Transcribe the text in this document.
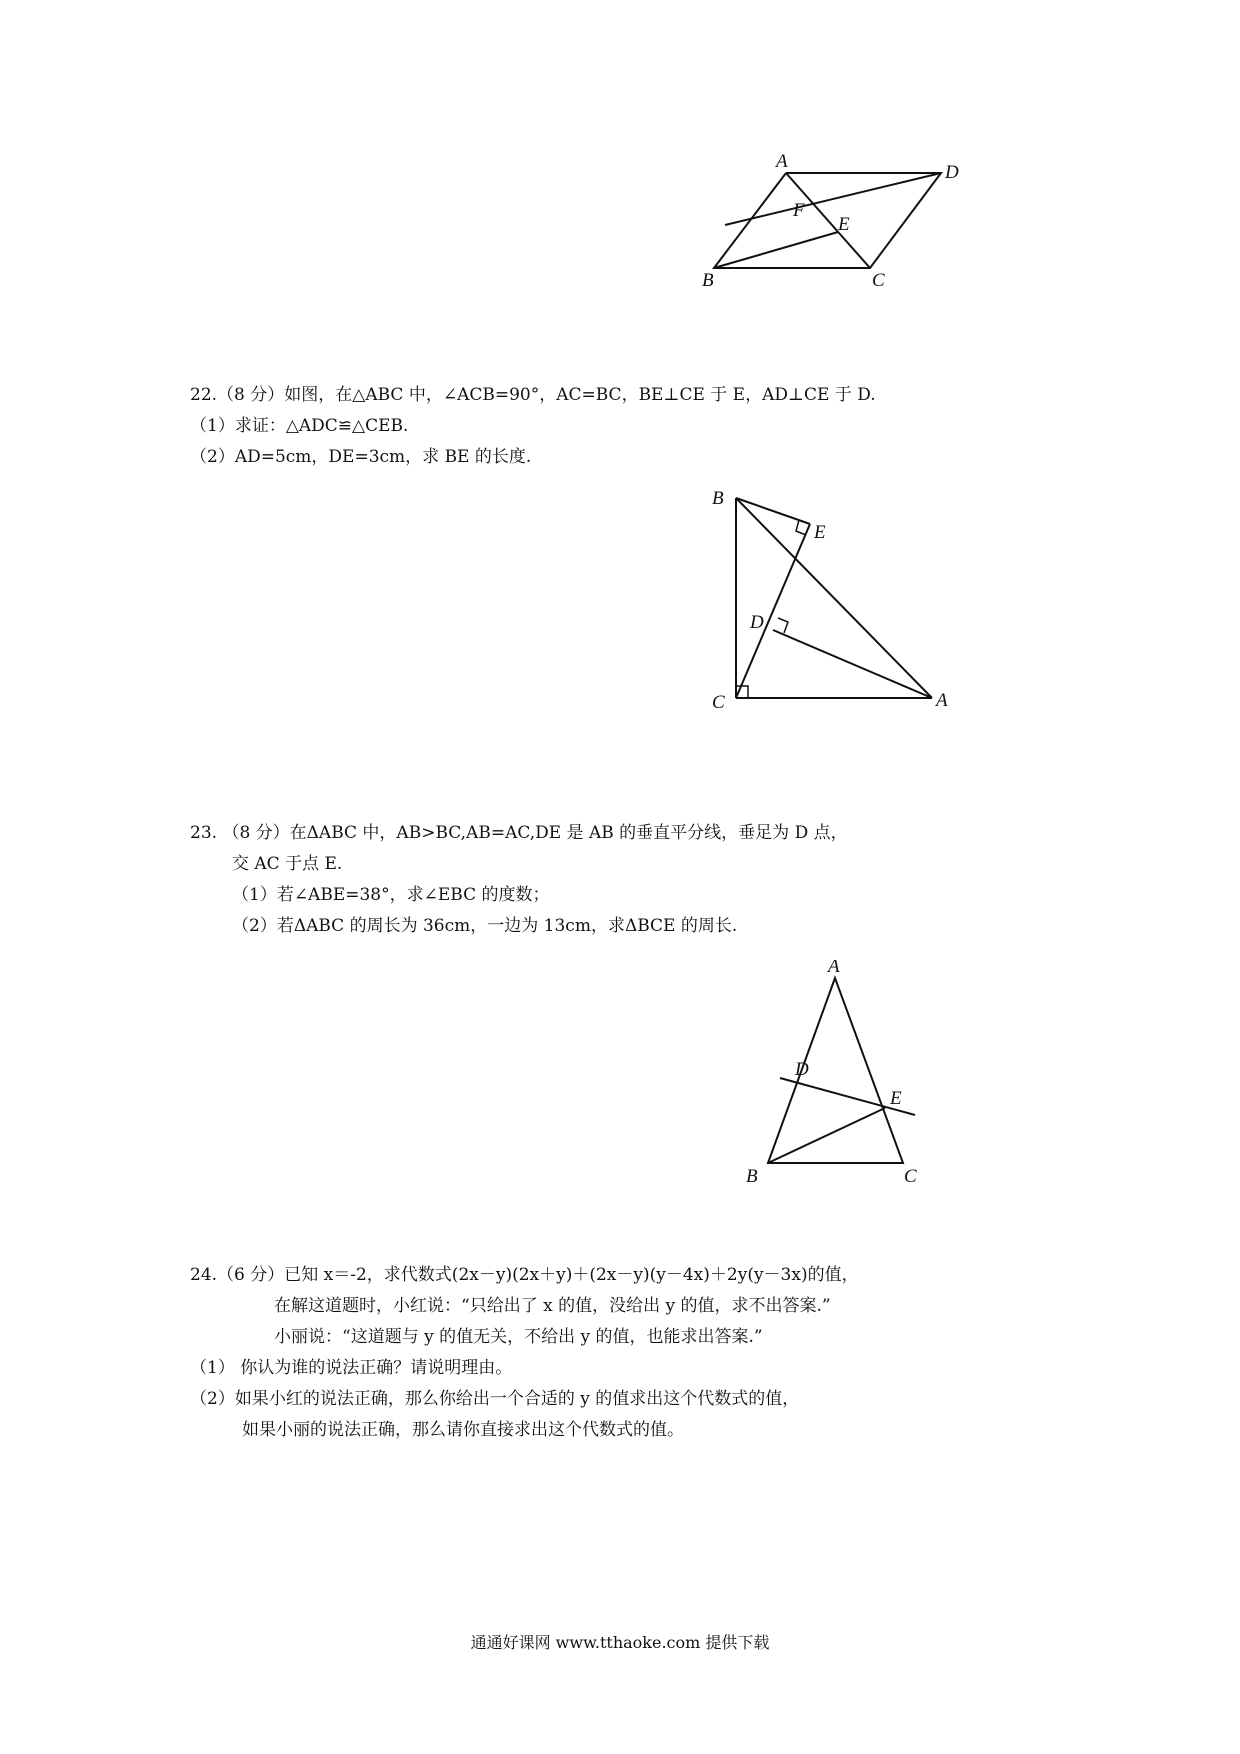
A
D
F
E
B	C
22.（8 分）如图，在△ABC 中，∠ACB=90°，AC=BC，BE⊥CE 于 E，AD⊥CE 于 D.
（1）求证：△ADC≌△CEB.
（2）AD=5cm，DE=3cm，求 BE 的长度.
B
E
D
C	A
23. （8 分）在ΔABC 中，AB>BC,AB=AC,DE 是 AB 的垂直平分线，垂足为 D 点，
交 AC 于点 E.
（1）若∠ABE=38°，求∠EBC 的度数；
（2）若ΔABC 的周长为 36cm，一边为 13cm，求ΔBCE 的周长.
A
D
E
B	C
24.（6 分）已知 x＝-2，求代数式(2x－y)(2x＋y)＋(2x－y)(y－4x)＋2y(y－3x)的值，
在解这道题时，小红说：“只给出了 x 的值，没给出 y 的值，求不出答案.”
小丽说：“这道题与 y 的值无关，不给出 y 的值，也能求出答案.”
（1） 你认为谁的说法正确？请说明理由。
（2）如果小红的说法正确，那么你给出一个合适的 y 的值求出这个代数式的值，
如果小丽的说法正确，那么请你直接求出这个代数式的值。
通通好课网 www.tthaoke.com 提供下载
